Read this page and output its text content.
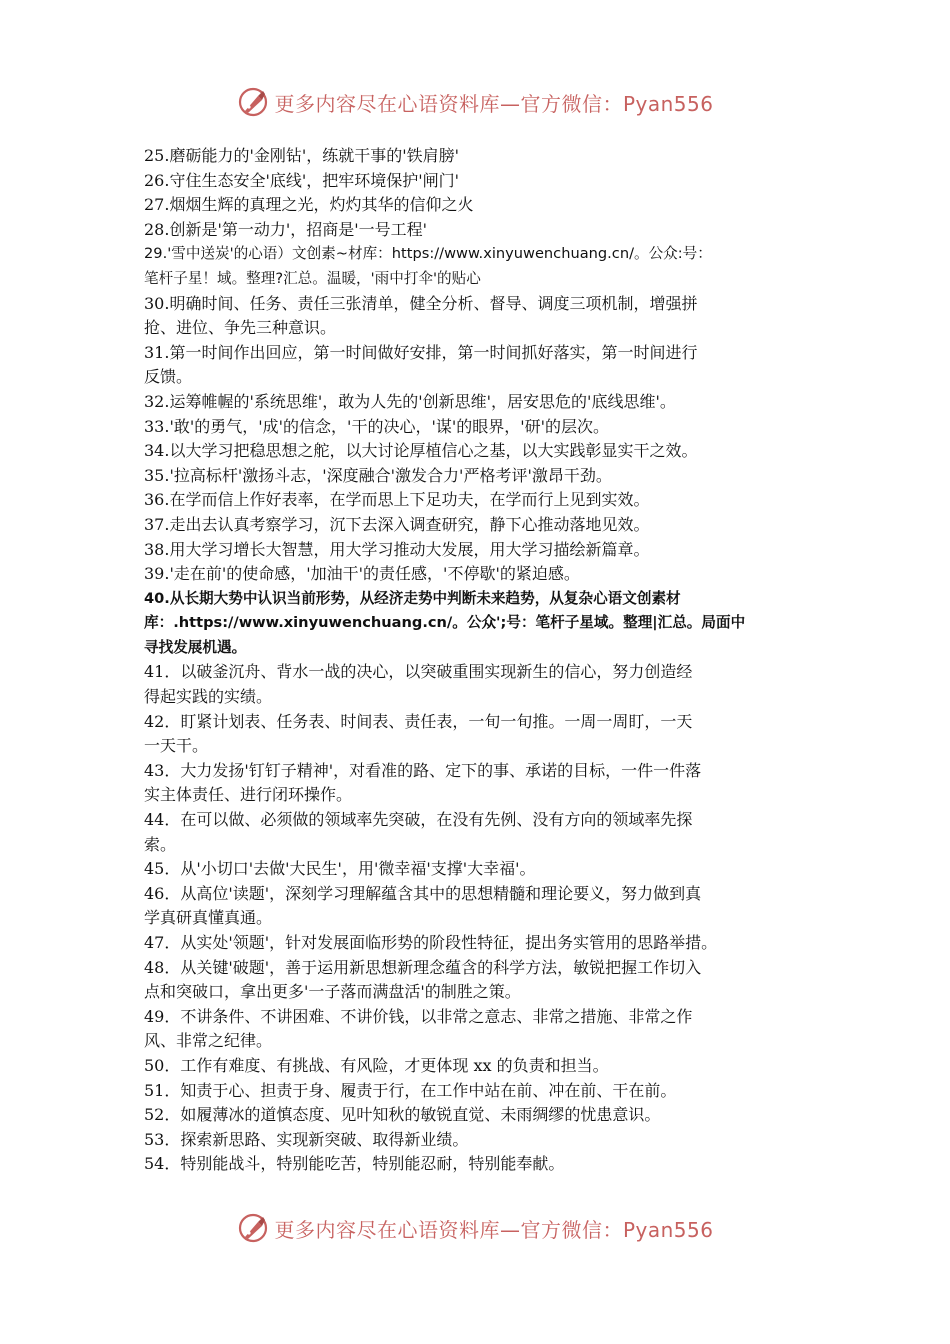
更多内容尽在心语资料库—官方微信：Pyan556
25.磨砺能力的'金刚钻'，练就干事的'铁肩膀'
26.守住生态安全'底线'，把牢环境保护'闸门'
27.烟烟生辉的真理之光，灼灼其华的信仰之火
28.创新是'第一动力'，招商是'一号工程'
29.'雪中送炭'的心语）文创素~材库：https://www.xinyuwenchuang.cn/。公众:号：
笔杆子星！域。整理?汇总。温暖，'雨中打伞'的贴心
30.明确时间、任务、责任三张清单，健全分析、督导、调度三项机制，增强拼
抢、进位、争先三种意识。
31.第一时间作出回应，第一时间做好安排，第一时间抓好落实，第一时间进行
反馈。
32.运筹帷幄的'系统思维'，敢为人先的'创新思维'，居安思危的'底线思维'。
33.'敢'的勇气，'成'的信念，'干的决心，'谋'的眼界，'研'的层次。
34.以大学习把稳思想之舵，以大讨论厚植信心之基，以大实践彰显实干之效。
35.'拉高标杆'激扬斗志，'深度融合'激发合力'严格考评'激昂干劲。
36.在学而信上作好表率，在学而思上下足功夫，在学而行上见到实效。
37.走出去认真考察学习，沉下去深入调查研究，静下心推动落地见效。
38.用大学习增长大智慧，用大学习推动大发展，用大学习描绘新篇章。
39.'走在前'的使命感，'加油干'的责任感，'不停歇'的紧迫感。
40.从长期大势中认识当前形势，从经济走势中判断未来趋势，从复杂心语文创素材
库：.https://www.xinyuwenchuang.cn/。公众';号：笔杆子星域。整理|汇总。局面中
寻找发展机遇。
41．以破釜沉舟、背水一战的决心，以突破重围实现新生的信心，努力创造经
得起实践的实绩。
42．盯紧计划表、任务表、时间表、责任表，一旬一旬推。一周一周盯，一天
一天干。
43．大力发扬'钉钉子精神'，对看准的路、定下的事、承诺的目标，一件一件落
实主体责任、进行闭环操作。
44．在可以做、必须做的领域率先突破，在没有先例、没有方向的领域率先探
索。
45．从'小切口'去做'大民生'，用'微幸福'支撑'大幸福'。
46．从高位'读题'，深刻学习理解蕴含其中的思想精髓和理论要义，努力做到真
学真研真懂真通。
47．从实处'领题'，针对发展面临形势的阶段性特征，提出务实管用的思路举措。
48．从关键'破题'，善于运用新思想新理念蕴含的科学方法，敏锐把握工作切入
点和突破口，拿出更多'一子落而满盘活'的制胜之策。
49．不讲条件、不讲困难、不讲价钱，以非常之意志、非常之措施、非常之作
风、非常之纪律。
50．工作有难度、有挑战、有风险，才更体现 xx 的负责和担当。
51．知责于心、担责于身、履责于行，在工作中站在前、冲在前、干在前。
52．如履薄冰的道慎态度、见叶知秋的敏锐直觉、未雨绸缪的忧患意识。
53．探索新思路、实现新突破、取得新业绩。
54．特别能战斗，特别能吃苦，特别能忍耐，特别能奉献。
更多内容尽在心语资料库—官方微信：Pyan556
